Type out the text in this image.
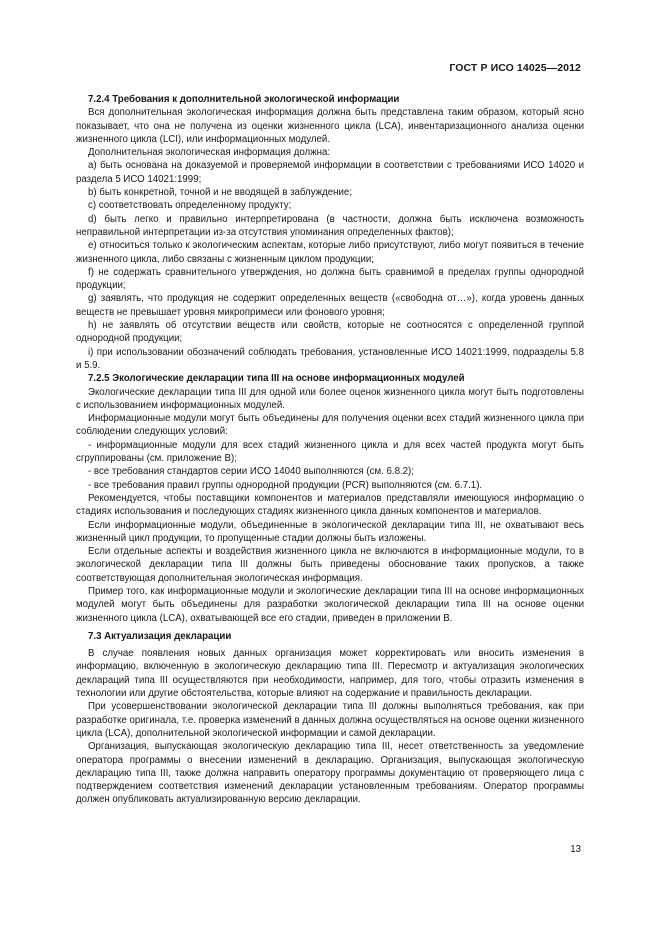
ГОСТ Р ИСО 14025—2012
7.2.4 Требования к дополнительной экологической информации

Вся дополнительная экологическая информация должна быть представлена таким образом, который ясно показывает, что она не получена из оценки жизненного цикла (LCA), инвентаризационного анализа оценки жизненного цикла (LCI), или информационных модулей.

Дополнительная экологическая информация должна:

а) быть основана на доказуемой и проверяемой информации в соответствии с требованиями ИСО 14020 и раздела 5 ИСО 14021:1999;

b) быть конкретной, точной и не вводящей в заблуждение;

c) соответствовать определенному продукту;

d) быть легко и правильно интерпретирована (в частности, должна быть исключена возможность неправильной интерпретации из-за отсутствия упоминания определенных фактов);

e) относиться только к экологическим аспектам, которые либо присутствуют, либо могут появиться в течение жизненного цикла, либо связаны с жизненным циклом продукции;

f) не содержать сравнительного утверждения, но должна быть сравнимой в пределах группы однородной продукции;

g) заявлять, что продукция не содержит определенных веществ («свободна от…»), когда уровень данных веществ не превышает уровня микропримеси или фонового уровня;

h) не заявлять об отсутствии веществ или свойств, которые не соотносятся с определенной группой однородной продукции;

i) при использовании обозначений соблюдать требования, установленные ИСО 14021:1999, подразделы 5.8 и 5.9.

7.2.5 Экологические декларации типа III на основе информационных модулей

Экологические декларации типа III для одной или более оценок жизненного цикла могут быть подготовлены с использованием информационных модулей.

Информационные модули могут быть объединены для получения оценки всех стадий жизненного цикла при соблюдении следующих условий:

- информационные модули для всех стадий жизненного цикла и для всех частей продукта могут быть сгруппированы (см. приложение В);

- все требования стандартов серии ИСО 14040 выполняются (см. 6.8.2);

- все требования правил группы однородной продукции (PCR) выполняются (см. 6.7.1).

Рекомендуется, чтобы поставщики компонентов и материалов представляли имеющуюся информацию о стадиях использования и последующих стадиях жизненного цикла данных компонентов и материалов.

Если информационные модули, объединенные в экологической декларации типа III, не охватывают весь жизненный цикл продукции, то пропущенные стадии должны быть изложены.

Если отдельные аспекты и воздействия жизненного цикла не включаются в информационные модули, то в экологической декларации типа III должны быть приведены обоснование таких пропусков, а также соответствующая дополнительная экологическая информация.

Пример того, как информационные модули и экологические декларации типа III на основе информационных модулей могут быть объединены для разработки экологической декларации типа III на основе оценки жизненного цикла (LCA), охватывающей все его стадии, приведен в приложении В.

7.3 Актуализация декларации

В случае появления новых данных организация может корректировать или вносить изменения в информацию, включенную в экологическую декларацию типа III. Пересмотр и актуализация экологических деклараций типа III осуществляются при необходимости, например, для того, чтобы отразить изменения в технологии или другие обстоятельства, которые влияют на содержание и правильность декларации.

При усовершенствовании экологической декларации типа III должны выполняться требования, как при разработке оригинала, т.е. проверка изменений в данных должна осуществляться на основе оценки жизненного цикла (LCA), дополнительной экологической информации и самой декларации.

Организация, выпускающая экологическую декларацию типа III, несет ответственность за уведомление оператора программы о внесении изменений в декларацию. Организация, выпускающая экологическую декларацию типа III, также должна направить оператору программы документацию от проверяющего лица с подтверждением соответствия изменений декларации установленным требованиям. Оператор программы должен опубликовать актуализированную версию декларации.

13
